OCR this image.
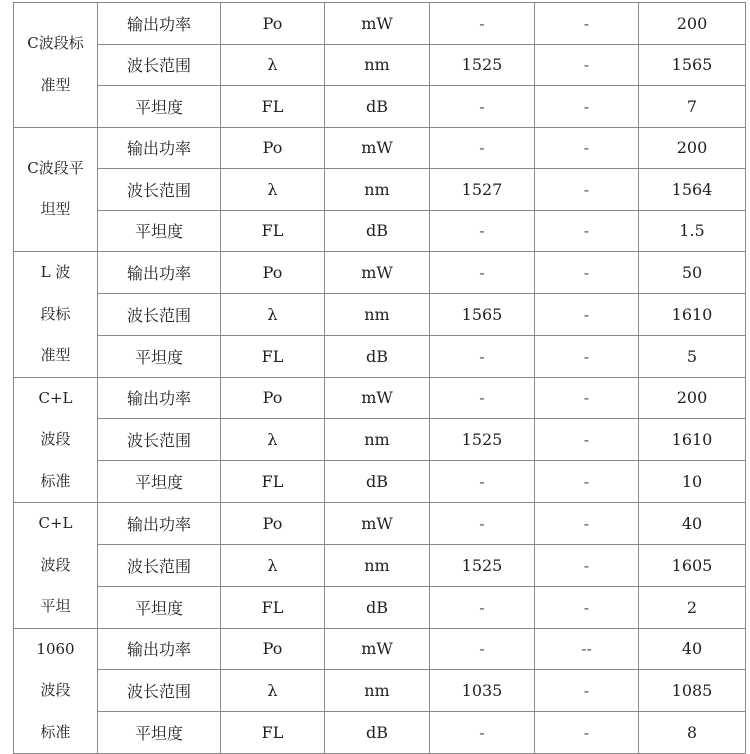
C波段标
准型	输出功率	Po	mW	-	-	200
	波长范围	λ	nm	1525	-	1565
	平坦度	FL	dB	-	-	7

C波段平
坦型	输出功率	Po	mW	-	-	200
	波长范围	λ	nm	1527	-	1564
	平坦度	FL	dB	-	-	1.5

L 波
段标
准型	输出功率	Po	mW	-	-	50
	波长范围	λ	nm	1565	-	1610
	平坦度	FL	dB	-	-	5

C+L
波段
标准	输出功率	Po	mW	-	-	200
	波长范围	λ	nm	1525	-	1610
	平坦度	FL	dB	-	-	10

C+L
波段
平坦	输出功率	Po	mW	-	-	40
	波长范围	λ	nm	1525	-	1605
	平坦度	FL	dB	-	-	2

1060
波段
标准	输出功率	Po	mW	-	--	40
	波长范围	λ	nm	1035	-	1085
	平坦度	FL	dB	-	-	8
